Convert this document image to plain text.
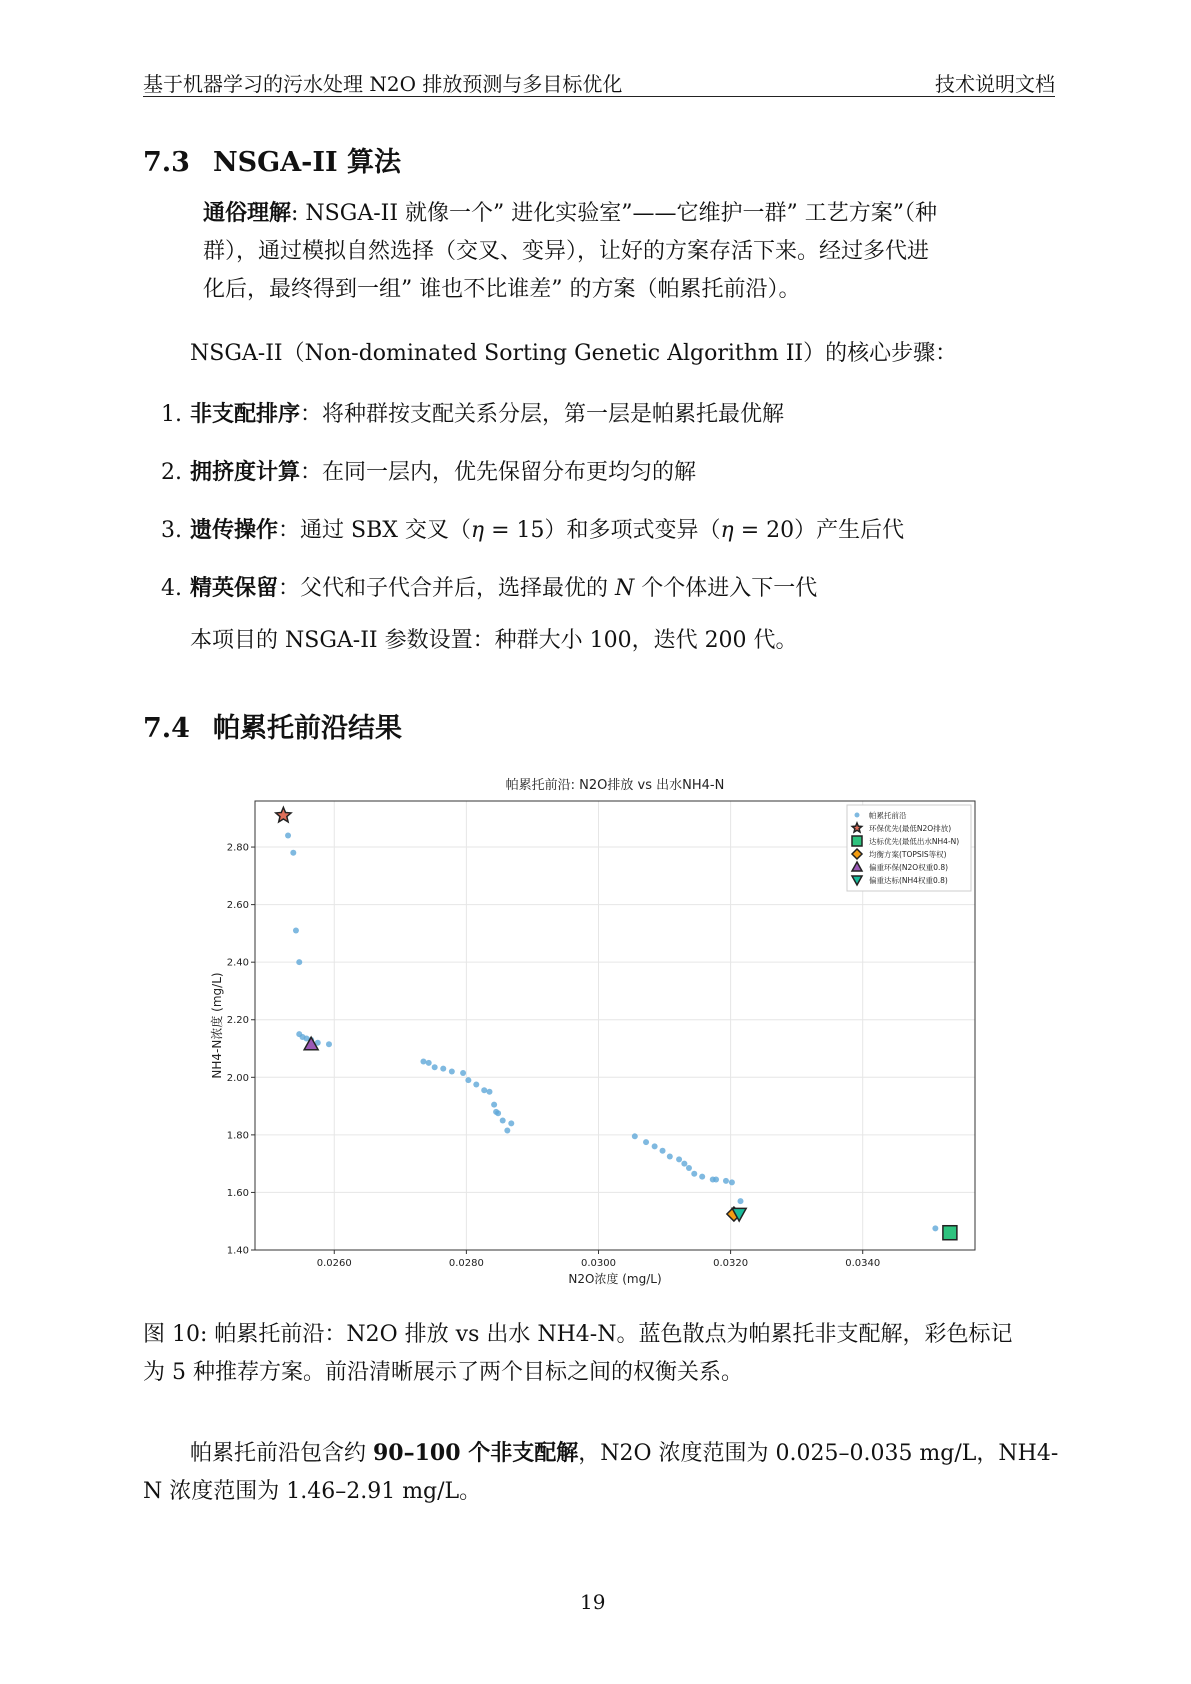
基于机器学习的污水处理 N2O 排放预测与多目标优化	技术说明文档
7.3 NSGA-II 算法
通俗理解: NSGA-II 就像一个” 进化实验室”——它维护一群” 工艺方案”（种
群），通过模拟自然选择（交叉、变异），让好的方案存活下来。经过多代进
化后，最终得到一组” 谁也不比谁差” 的方案（帕累托前沿）。
NSGA-II（Non-dominated Sorting Genetic Algorithm II）的核心步骤：
1. 非支配排序：将种群按支配关系分层，第一层是帕累托最优解
2. 拥挤度计算：在同一层内，优先保留分布更均匀的解
3. 遗传操作：通过 SBX 交叉（η = 15）和多项式变异（η = 20）产生后代
4. 精英保留：父代和子代合并后，选择最优的 N 个个体进入下一代
本项目的 NSGA-II 参数设置：种群大小 100，迭代 200 代。
7.4 帕累托前沿结果
帕累托前沿: N2O排放 vs 出水NH4-N
0.0260	0.0280	0.0300	0.0320	0.0340
1.40
1.60
1.80
2.00
2.20
2.40
2.60
2.80
N2O浓度 (mg/L)
NH4-N浓度 (mg/L)
帕累托前沿
环保优先(最低N2O排放)
达标优先(最低出水NH4-N)
均衡方案(TOPSIS等权)
偏重环保(N2O权重0.8)
偏重达标(NH4权重0.8)
图 10: 帕累托前沿：N2O 排放 vs 出水 NH4-N。蓝色散点为帕累托非支配解，彩色标记
为 5 种推荐方案。前沿清晰展示了两个目标之间的权衡关系。
帕累托前沿包含约 90–100 个非支配解，N2O 浓度范围为 0.025–0.035 mg/L，NH4-
N 浓度范围为 1.46–2.91 mg/L。
19
